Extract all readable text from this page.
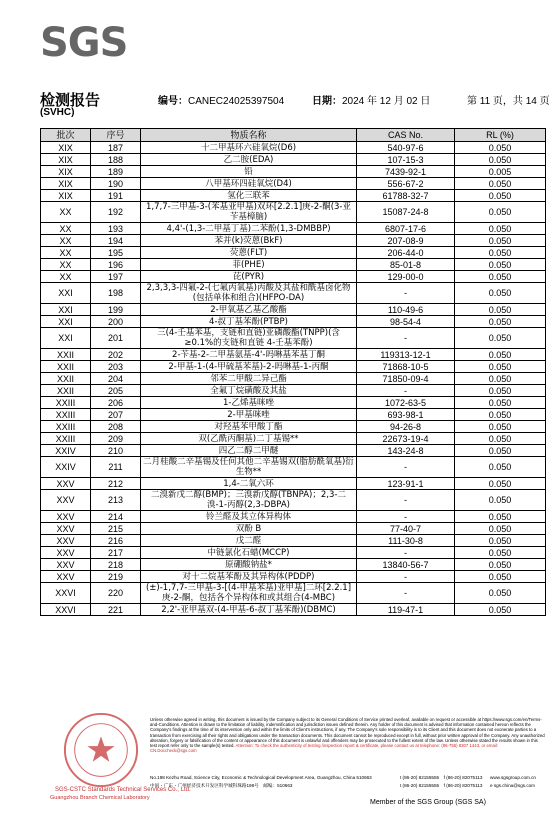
SGS
检测报告
(SVHC)
编号：CANEC24025397504	日期：2024 年 12 月 02 日	第 11 页，共 14 页
批次	序号	物质名称	CAS No.	RL (%)
XIX	187	十二甲基环六硅氧烷(D6)	540-97-6	0.050
XIX	188	乙二胺(EDA)	107-15-3	0.050
XIX	189	铅	7439-92-1	0.005
XIX	190	八甲基环四硅氧烷(D4)	556-67-2	0.050
XIX	191	氢化三联苯	61788-32-7	0.050
XX	192	1,7,7-三甲基-3-(苯基亚甲基)双环[2.2.1]庚-2-酮(3-亚苄基樟脑)	15087-24-8	0.050
XX	193	4,4'-(1,3-二甲基丁基)二苯酚(1,3-DMBBP)	6807-17-6	0.050
XX	194	苯并(k)荧蒽(BkF)	207-08-9	0.050
XX	195	荧蒽(FLT)	206-44-0	0.050
XX	196	菲(PHE)	85-01-8	0.050
XX	197	芘(PYR)	129-00-0	0.050
XXI	198	2,3,3,3-四氟-2-(七氟丙氧基)丙酸及其盐和酰基卤化物(包括单体和组合)(HFPO-DA)	-	0.050
XXI	199	2-甲氧基乙基乙酸酯	110-49-6	0.050
XXI	200	4-叔丁基苯酚(PTBP)	98-54-4	0.050
XXI	201	三(4-壬基苯基，支链和直链)亚磷酸酯(TNPP)(含≥0.1%的支链和直链 4-壬基苯酚)	-	0.050
XXII	202	2-苄基-2-二甲基氨基-4'-吗啉基苯基丁酮	119313-12-1	0.050
XXII	203	2-甲基-1-(4-甲硫基苯基)-2-吗啉基-1-丙酮	71868-10-5	0.050
XXII	204	邻苯二甲酸二异己酯	71850-09-4	0.050
XXII	205	全氟丁烷磺酸及其盐	-	0.050
XXIII	206	1-乙烯基咪唑	1072-63-5	0.050
XXIII	207	2-甲基咪唑	693-98-1	0.050
XXIII	208	对羟基苯甲酸丁酯	94-26-8	0.050
XXIII	209	双(乙酰丙酮基)二丁基锡**	22673-19-4	0.050
XXIV	210	四乙二醇二甲醚	143-24-8	0.050
XXIV	211	二月桂酸二辛基锡及任何其他二辛基锡双(脂肪酰氧基)衍生物**	-	0.050
XXV	212	1,4-二氧六环	123-91-1	0.050
XXV	213	二溴新戊二醇(BMP)；三溴新戊醇(TBNPA)；2,3-二溴-1-丙醇(2,3-DBPA)	-	0.050
XXV	214	铃兰醛及其立体异构体	-	0.050
XXV	215	双酚 B	77-40-7	0.050
XXV	216	戊二醛	111-30-8	0.050
XXV	217	中链氯化石蜡(MCCP)	-	0.050
XXV	218	原硼酸钠盐*	13840-56-7	0.050
XXV	219	对十二烷基苯酚及其异构体(PDDP)	-	0.050
XXVI	220	(±)-1,7,7-三甲基-3-[(4-甲基苯基)亚甲基]二环[2.2.1]庚-2-酮，包括各个异构体和或其组合(4-MBC)	-	0.050
XXVI	221	2,2'-亚甲基双-(4-甲基-6-叔丁基苯酚)(DBMC)	119-47-1	0.050
SGS-CSTC Standards Technical Services Co., Ltd.
Guangzhou Branch Chemical Laboratory
Unless otherwise agreed in writing, this document is issued by the Company subject to its General Conditions of Service printed overleaf, available on request or accessible at https://www.sgs.com/en/Terms-and-Conditions. Attention is drawn to the limitation of liability, indemnification and jurisdiction issues defined therein. Any holder of this document is advised that information contained hereon reflects the Company's findings at the time of its intervention only and within the limits of Client's instructions, if any. The Company's sole responsibility is to its Client and this document does not exonerate parties to a transaction from exercising all their rights and obligations under the transaction documents. This document cannot be reproduced except in full, without prior written approval of the Company. Any unauthorized alteration, forgery or falsification of the content or appearance of this document is unlawful and offenders may be prosecuted to the fullest extent of the law. Unless otherwise stated the results shown in this test report refer only to the sample(s) tested. Attention: To check the authenticity of testing /inspection report & certificate, please contact us at telephone: (86-755) 8307 1443, or email: CN.Doccheck@sgs.com
No.198 Kezhu Road, Science City, Economic & Technological Development Area, Guangzhou, China 510663
中国・广东・广州经济技术开发区科学城科珠路198号　邮编：510663
t (86-20) 82155555　f (86-20) 82075113
t (86-20) 82155555　f (86-20) 82075113
www.sgsgroup.com.cn
e sgs.china@sgs.com
Member of the SGS Group (SGS SA)
